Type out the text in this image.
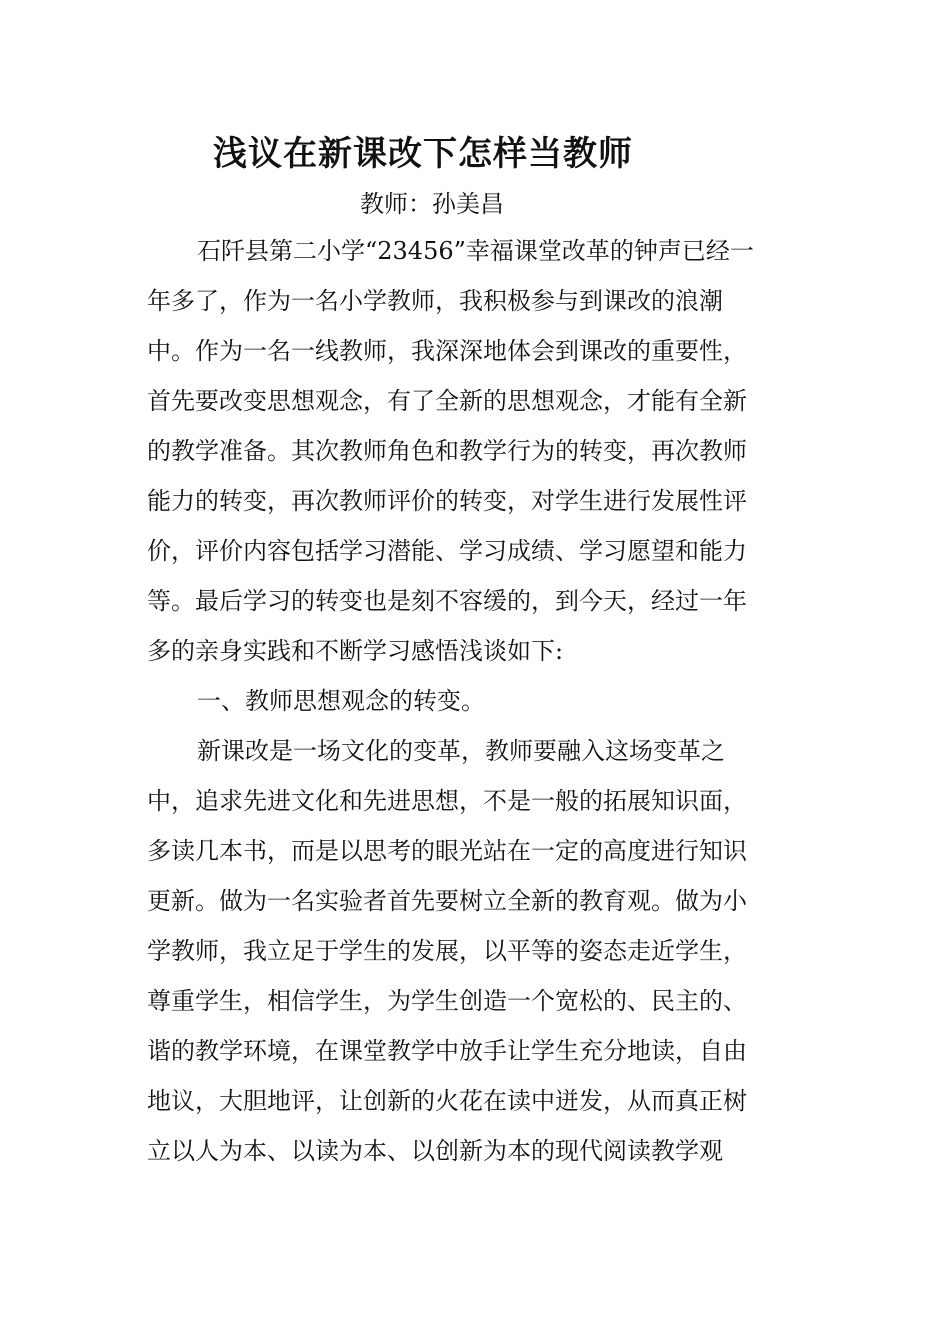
浅议在新课改下怎样当教师

教师：孙美昌

石阡县第二小学“23456”幸福课堂改革的钟声已经一

年多了，作为一名小学教师，我积极参与到课改的浪潮

中。作为一名一线教师，我深深地体会到课改的重要性，

首先要改变思想观念，有了全新的思想观念，才能有全新

的教学准备。其次教师角色和教学行为的转变，再次教师

能力的转变，再次教师评价的转变，对学生进行发展性评

价，评价内容包括学习潜能、学习成绩、学习愿望和能力

等。最后学习的转变也是刻不容缓的，到今天，经过一年

多的亲身实践和不断学习感悟浅谈如下:

一、教师思想观念的转变。

新课改是一场文化的变革，教师要融入这场变革之

中，追求先进文化和先进思想，不是一般的拓展知识面，

多读几本书，而是以思考的眼光站在一定的高度进行知识

更新。做为一名实验者首先要树立全新的教育观。做为小

学教师，我立足于学生的发展，以平等的姿态走近学生，

尊重学生，相信学生，为学生创造一个宽松的、民主的、

谐的教学环境，在课堂教学中放手让学生充分地读，自由

地议，大胆地评，让创新的火花在读中迸发，从而真正树

立以人为本、以读为本、以创新为本的现代阅读教学观
